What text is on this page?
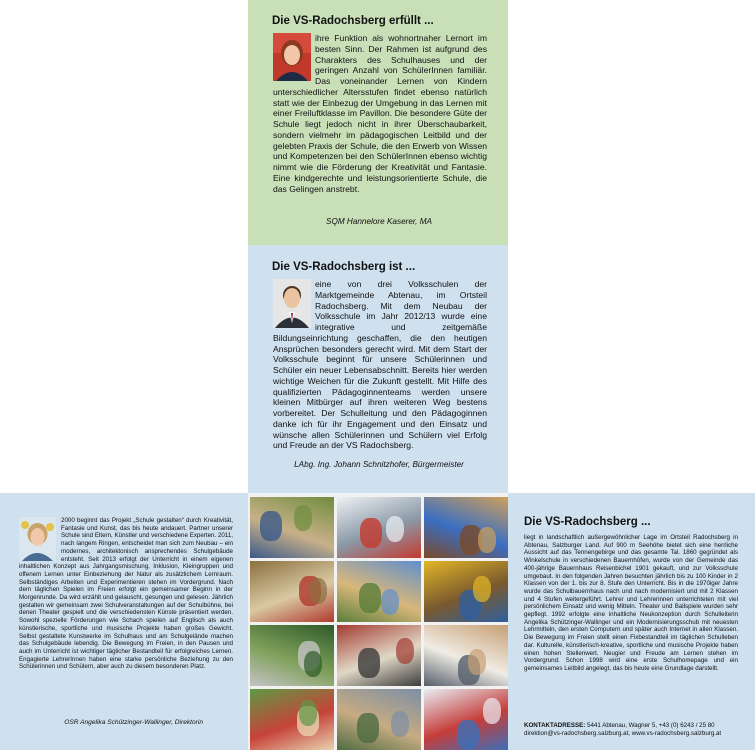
Die VS-Radochsberg erfüllt ...
ihre Funktion als wohnortnaher Lernort im besten Sinn. Der Rahmen ist aufgrund des Charakters des Schulhauses und der geringen Anzahl von SchülerInnen familiär. Das voneinander Lernen von Kindern unterschiedlicher Altersstufen findet ebenso natürlich statt wie der Einbezug der Umgebung in das Lernen mit einer Freiluftklasse im Pavillon. Die besondere Güte der Schule liegt jedoch nicht in ihrer Überschaubarkeit, sondern vielmehr im pädagogischen Leitbild und der gelebten Praxis der Schule, die den Erwerb von Wissen und Kompetenzen bei den SchülerInnen ebenso wichtig nimmt wie die Förderung der Kreativität und Fantasie. Eine kindgerechte und leistungsorientierte Schule, die das Gelingen anstrebt.
SQM Hannelore Kaserer, MA
Die VS-Radochsberg ist ...
eine von drei Volksschulen der Marktgemeinde Abtenau, im Ortsteil Radochsberg. Mit dem Neubau der Volksschule im Jahr 2012/13 wurde eine integrative und zeitgemäße Bildungseinrichtung geschaffen, die den heutigen Ansprüchen besonders gerecht wird. Mit dem Start der Volksschule beginnt für unsere Schülerinnen und Schüler ein neuer Lebensabschnitt. Bereits hier werden wichtige Weichen für die Zukunft gestellt. Mit Hilfe des qualifizierten Pädagoginnenteams werden unsere kleinen Mitbürger auf ihren weiteren Weg bestens vorbereitet. Der Schulleitung und den Pädagoginnen danke ich für ihr Engagement und den Einsatz und wünsche allen Schülerinnen und Schülern viel Erfolg und Freude an der VS Radochsberg.
LAbg. Ing. Johann Schnitzhofer, Bürgermeister
2000 beginnt das Projekt „Schule gestalten“ durch Kreativität, Fantasie und Kunst, das bis heute andauert. Partner unserer Schule sind Eltern, Künstler und verschiedene Experten. 2011, nach langem Ringen, entscheidet man sich zum Neubau – ein modernes, architektonisch ansprechendes Schulgebäude entsteht. Seit 2013 erfolgt der Unterricht in einem eigenen inhaltlichen Konzept aus Jahrgangsmischung, Inklusion, Kleingruppen und offenem Lernen unter Einbeziehung der Natur als zusätzlichem Lernraum. Selbständiges Arbeiten und Experimentieren stehen im Vordergrund. Nach dem täglichen Spielen im Freien erfolgt ein gemeinsamer Beginn in der Morgenrunde. Da wird erzählt und gelauscht, gesungen und gelesen. Jährlich gestalten wir gemeinsam zwei Schulveranstaltungen auf der Schulbühne, bei denen Theater gespielt und die verschiedensten Künste präsentiert werden. Sowohl spezielle Förderungen wie Schach spielen auf Englisch als auch künstlerische, sportliche und musische Projekte haben großes Gewicht. Selbst gestaltete Kunstwerke im Schulhaus und am Schulgelände machen das Schulgebäude lebendig. Die Bewegung im Freien, in den Pausen und auch im Unterricht ist wichtiger täglicher Bestandteil für erfolgreiches Lernen. Engagierte LehrerInnen haben eine starke persönliche Beziehung zu den Schülerinnen und Schülern, aber auch zu diesem besonderen Platz.
OSR Angelika Schützinger-Wallinger, Direktorin
Die VS-Radochsberg ...
liegt in landschaftlich außergewöhnlicher Lage im Ortsteil Radochsberg in Abtenau, Salzburger Land. Auf 900 m Seehöhe bietet sich eine herrliche Aussicht auf das Tennengebirge und das gesamte Tal. 1860 gegründet als Winkelschule in verschiedenen Bauernhöfen, wurde von der Gemeinde das 400-jährige Bauernhaus Reisenbichel 1901 gekauft, und zur Volksschule umgebaut. In den folgenden Jahren besuchten jährlich bis zu 100 Kinder in 2 Klassen von der 1. bis zur 8. Stufe den Unterricht. Bis in die 1970iger Jahre wurde das Schulbauernhaus nach und nach modernisiert und mit 2 Klassen und 4 Stufen weitergeführt. Lehrer und Lehrerinnen unterrichteten mit viel persönlichem Einsatz und wenig Mitteln. Theater und Ballspiele wurden sehr gepflegt. 1992 erfolgte eine inhaltliche Neukonzeption durch Schulleiterin Angelika Schützinger-Wallinger und ein Modernisierungsschub mit neuesten Lehrmitteln, den ersten Computern und später auch Internet in allen Klassen. Die Bewegung im Freien stellt einen Fixbestandteil im täglichen Schulleben dar. Kulturelle, künstlerisch-kreative, sportliche und musische Projekte haben einen hohen Stellenwert. Neugier und Freude am Lernen stehen im Vordergrund. Schon 1998 wird eine erste Schulhomepage und ein gemeinsames Leitbild angelegt, das bis heute eine Grundlage darstellt.
KONTAKTADRESSE: 5441 Abtenau, Wagner 5, +43 (0) 6243 / 25 80
direktion@vs-radochsberg.salzburg.at, www.vs-radochsberg.salzburg.at
